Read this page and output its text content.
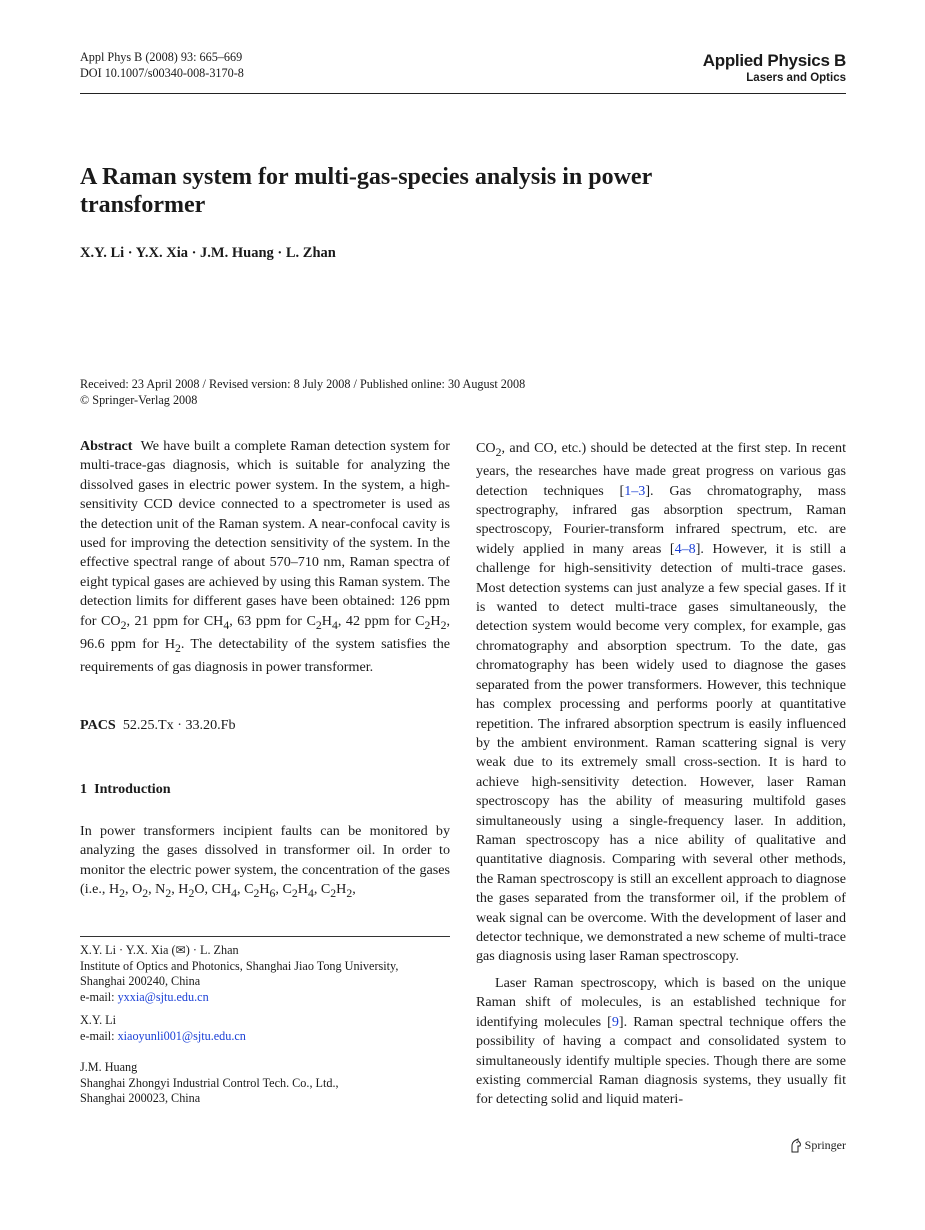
Appl Phys B (2008) 93: 665–669
DOI 10.1007/s00340-008-3170-8
Applied Physics B
Lasers and Optics
A Raman system for multi-gas-species analysis in power transformer
X.Y. Li · Y.X. Xia · J.M. Huang · L. Zhan
Received: 23 April 2008 / Revised version: 8 July 2008 / Published online: 30 August 2008
© Springer-Verlag 2008
Abstract We have built a complete Raman detection system for multi-trace-gas diagnosis, which is suitable for analyzing the dissolved gases in electric power system. In the system, a high-sensitivity CCD device connected to a spectrometer is used as the detection unit of the Raman system. A near-confocal cavity is used for improving the detection sensitivity of the system. In the effective spectral range of about 570–710 nm, Raman spectra of eight typical gases are achieved by using this Raman system. The detection limits for different gases have been obtained: 126 ppm for $CO_2$, 21 ppm for $CH_4$, 63 ppm for $C_2H_4$, 42 ppm for $C_2H_2$, 96.6 ppm for $H_2$. The detectability of the system satisfies the requirements of gas diagnosis in power transformer.
PACS 52.25.Tx · 33.20.Fb
1 Introduction
In power transformers incipient faults can be monitored by analyzing the gases dissolved in transformer oil. In order to monitor the electric power system, the concentration of the gases (i.e., $H_2$, $O_2$, $N_2$, $H_2O$, $CH_4$, $C_2H_6$, $C_2H_4$, $C_2H_2$,
X.Y. Li · Y.X. Xia (✉) · L. Zhan
Institute of Optics and Photonics, Shanghai Jiao Tong University,
Shanghai 200240, China
e-mail: yxxia@sjtu.edu.cn
X.Y. Li
e-mail: xiaoyunli001@sjtu.edu.cn
J.M. Huang
Shanghai Zhongyi Industrial Control Tech. Co., Ltd.,
Shanghai 200023, China
$CO_2$, and CO, etc.) should be detected at the first step. In recent years, the researches have made great progress on various gas detection techniques [1–3]. Gas chromatography, mass spectrography, infrared gas absorption spectrum, Raman spectroscopy, Fourier-transform infrared spectrum, etc. are widely applied in many areas [4–8]. However, it is still a challenge for high-sensitivity detection of multi-trace gases. Most detection systems can just analyze a few special gases. If it is wanted to detect multi-trace gases simultaneously, the detection system would become very complex, for example, gas chromatography and absorption spectrum. To the date, gas chromatography has been widely used to diagnose the gases separated from the power transformers. However, this technique has complex processing and performs poorly at quantitative repetition. The infrared absorption spectrum is easily influenced by the ambient environment. Raman scattering signal is very weak due to its extremely small cross-section. It is hard to achieve high-sensitivity detection. However, laser Raman spectroscopy has the ability of measuring multifold gases simultaneously using a single-frequency laser. In addition, Raman spectroscopy has a nice ability of qualitative and quantitative diagnosis. Comparing with several other methods, the Raman spectroscopy is still an excellent approach to diagnose the gases separated from the transformer oil, if the problem of weak signal can be overcome. With the development of laser and detector technique, we demonstrated a new scheme of multi-trace gas diagnosis using laser Raman spectroscopy.
Laser Raman spectroscopy, which is based on the unique Raman shift of molecules, is an established technique for identifying molecules [9]. Raman spectral technique offers the possibility of having a compact and consolidated system to simultaneously identify multiple species. Though there are some existing commercial Raman diagnosis systems, they usually fit for detecting solid and liquid materi-
Springer
